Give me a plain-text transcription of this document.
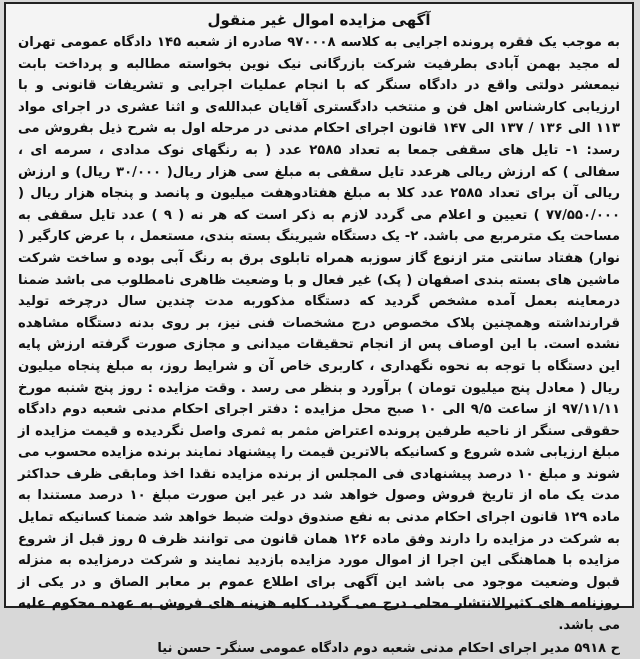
آگهی مزایده اموال غیر منقول

به موجب یک فقره پرونده اجرایی به کلاسه ۹۷۰۰۰۸ صادره از شعبه ۱۴۵ دادگاه عمومی تهران له مجید بهمن آبادی بطرفیت شرکت بازرگانی نیک نوین بخواسته مطالبه و پرداخت بابت نیمعشر دولتی واقع در دادگاه سنگر که با انجام عملیات اجرایی و تشریفات قانونی و با ارزیابی کارشناس اهل فن و منتخب دادگستری آقایان عبدالله‌ی و اثنا عشری در اجرای مواد ۱۱۳ الی ۱۳۶ / ۱۳۷ الی ۱۴۷ قانون اجرای احکام مدنی در مرحله اول به شرح ذیل بفروش می رسد: ۱- تایل های سقفی جمعا به تعداد ۲۵۸۵ عدد ( به رنگهای نوک مدادی ، سرمه ای ، سفالی ) که ارزش ریالی هرعدد تایل سقفی به مبلغ سی هزار ریال( ۳۰/۰۰۰ ریال) و ارزش ریالی آن برای تعداد ۲۵۸۵ عدد کلا به مبلغ هفتادوهفت میلیون و پانصد و پنجاه هزار ریال ( ۷۷/۵۵۰/۰۰۰ ) تعیین و اعلام می گردد لازم به ذکر است که هر نه ( ۹ ) عدد تایل سقفی به مساحت یک مترمربع می باشد. ۲- یک دستگاه شیرینگ بسته بندی، مستعمل ، با عرض کارگیر ( نوار) هفتاد سانتی متر ازنوع گاز سوزبه همراه تابلوی برق به رنگ آبی بوده و ساخت شرکت ماشین های بسته بندی اصفهان ( پک) غیر فعال و با وضعیت ظاهری نامطلوب می باشد ضمنا درمعاینه بعمل آمده مشخص گردید که دستگاه مذکوربه مدت چندین سال درچرخه تولید قرارنداشته وهمچنین پلاک مخصوص درج مشخصات فنی نیز، بر روی بدنه دستگاه مشاهده نشده است. با این اوصاف پس از انجام تحقیقات میدانی و مجازی صورت گرفته ارزش پایه این دستگاه با توجه به نحوه نگهداری ، کاربری خاص آن و شرایط روز، به مبلغ پنجاه میلیون ریال ( معادل پنج میلیون تومان ) برآورد و بنظر می رسد . وقت مزایده : روز پنج شنبه مورخ ۹۷/۱۱/۱۱ از ساعت ۹/۵ الی ۱۰ صبح محل مزایده : دفتر اجرای احکام مدنی شعبه دوم دادگاه حقوقی سنگر از ناحیه طرفین پرونده اعتراض مثمر به ثمری واصل نگردیده و قیمت مزایده از مبلغ ارزیابی شده شروع و کسانیکه بالاترین قیمت را پیشنهاد نمایند برنده مزایده محسوب می شوند و مبلغ ۱۰ درصد پیشنهادی فی المجلس از برنده مزایده نقدا اخذ وما‌بقی ظرف حداکثر مدت یک ماه از تاریخ فروش وصول خواهد شد در غیر این صورت مبلغ ۱۰ درصد مستندا به ماده ۱۲۹ قانون اجرای احکام مدنی به نفع صندوق دولت ضبط خواهد شد ضمنا کسانیکه تمایل به شرکت در مزایده را دارند وفق ماده ۱۲۶ همان قانون می توانند ظرف ۵ روز قبل از شروع مزایده با هماهنگی این اجرا از اموال مورد مزایده بازدید نمایند و شرکت درمزایده به منزله قبول وضعیت موجود می باشد این آگهی برای اطلاع عموم بر معابر الصاق و در یکی از روزنامه های کثیرالانتشار محلی درج می گردد. کلیه هزینه های فروش به عهده محکوم علیه می باشد.

ح ۵۹۱۸ مدیر اجرای احکام مدنی شعبه دوم دادگاه عمومی سنگر- حسن نیا
